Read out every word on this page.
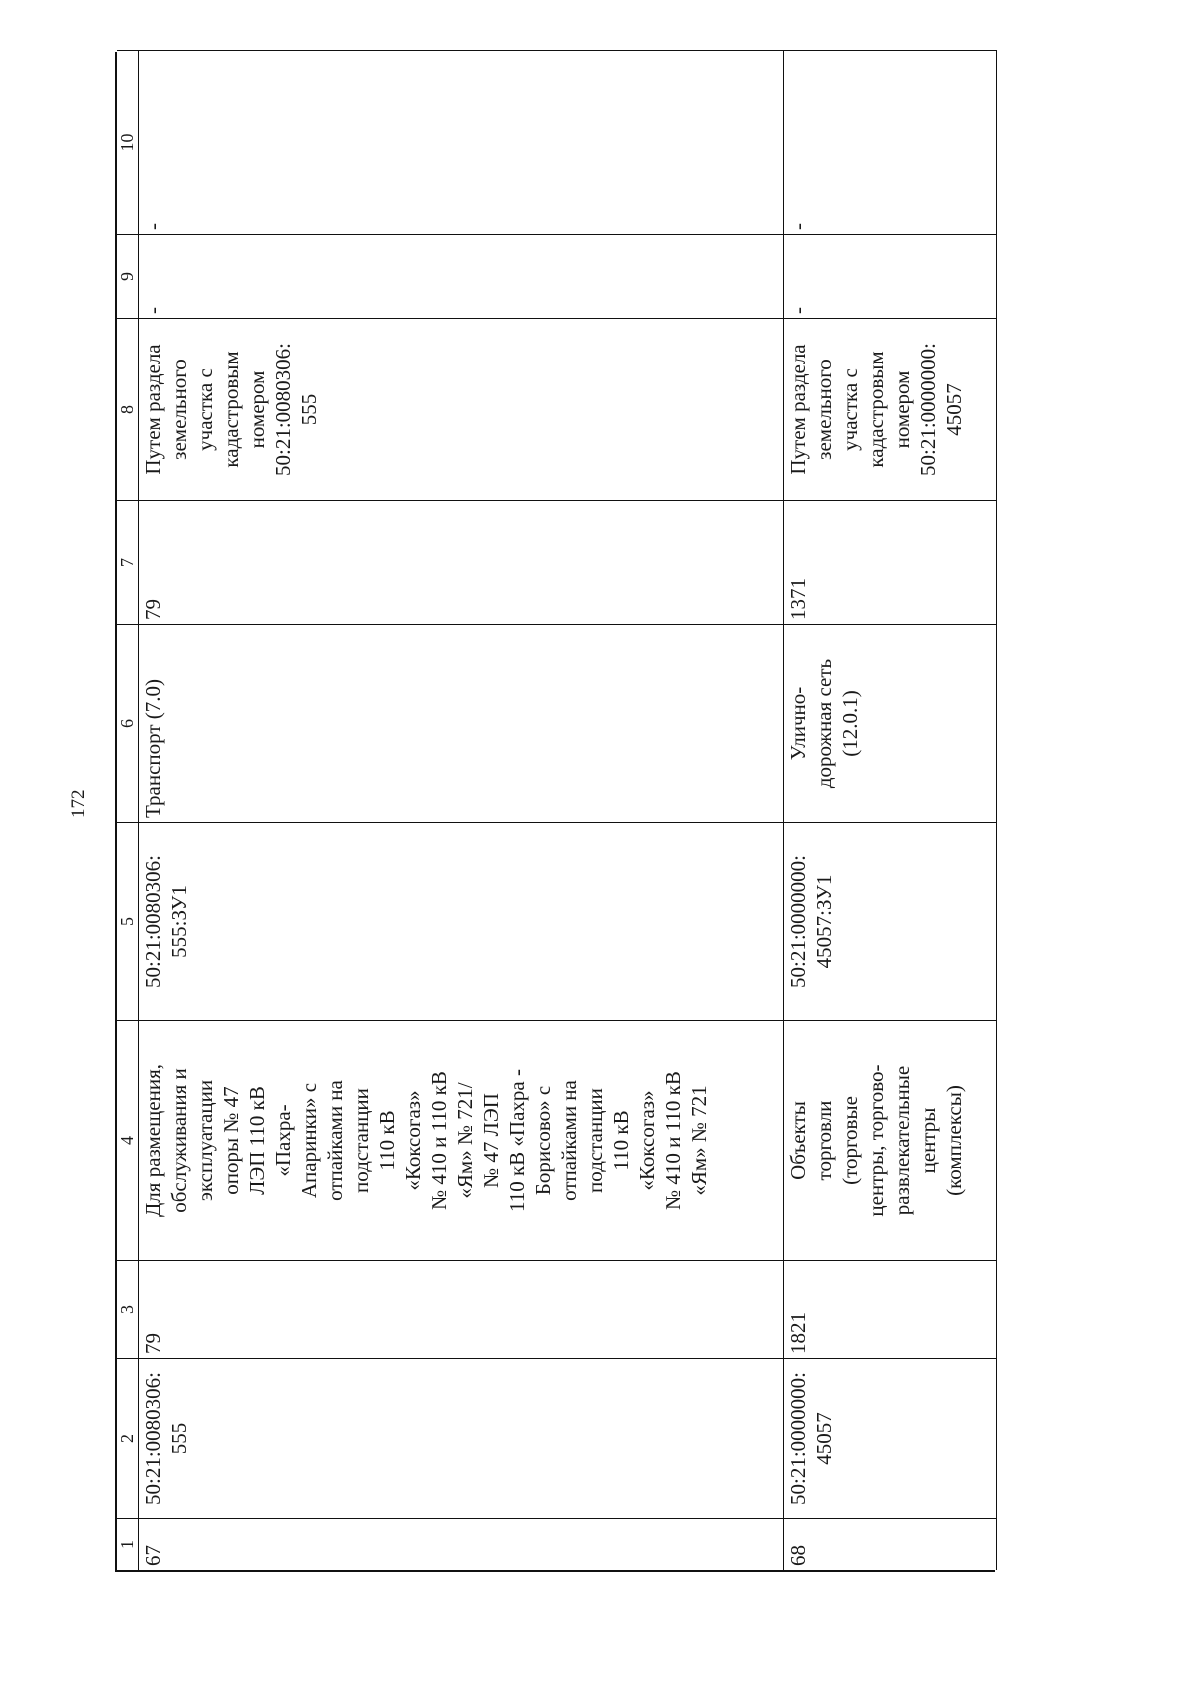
172
1
2
3
4
5
6
7
8
9
10
67
50:21:0080306:
555
79
Для размещения,
обслуживания и
эксплуатации
опоры № 47
ЛЭП 110 кВ
«Пахра-
Апаринки» с
отпайками на
подстанции
110 кВ
«Коксогаз»
№ 410 и 110 кВ
«Ям» № 721/
№ 47 ЛЭП
110 кВ «Пахра -
Борисово» с
отпайками на
подстанции
110 кВ
«Коксогаз»
№ 410 и 110 кВ
«Ям» № 721
50:21:0080306:
555:ЗУ1
Транспорт (7.0)
79
Путем раздела
земельного
участка с
кадастровым
номером
50:21:0080306:
555
-
-
68
50:21:0000000:
45057
1821
Объекты
торговли
(торговые
центры, торгово-
развлекательные
центры
(комплексы)
50:21:0000000:
45057:ЗУ1
Улично-
дорожная сеть
(12.0.1)
1371
Путем раздела
земельного
участка с
кадастровым
номером
50:21:0000000:
45057
-
-
